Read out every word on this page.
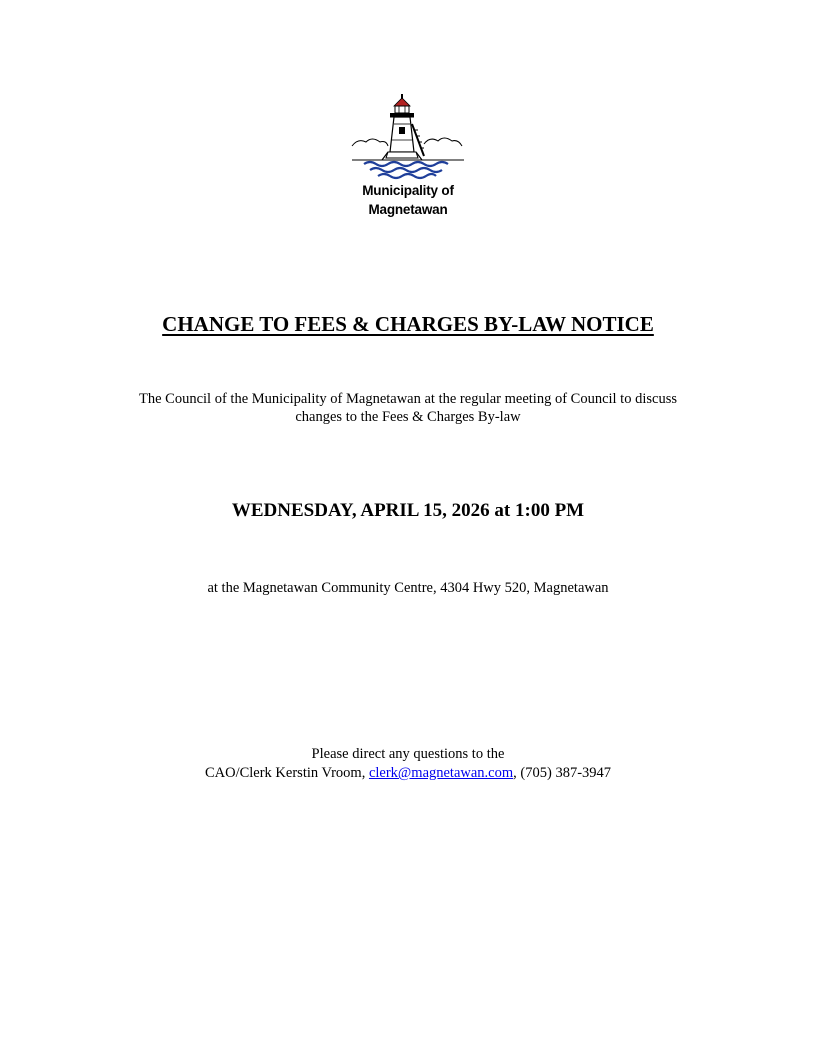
Municipality of
Magnetawan
CHANGE TO FEES & CHARGES BY-LAW NOTICE
The Council of the Municipality of Magnetawan at the regular meeting of Council to discuss
changes to the Fees & Charges By-law
WEDNESDAY, APRIL 15, 2026 at 1:00 PM
at the Magnetawan Community Centre, 4304 Hwy 520, Magnetawan
Please direct any questions to the
CAO/Clerk Kerstin Vroom, clerk@magnetawan.com, (705) 387-3947
